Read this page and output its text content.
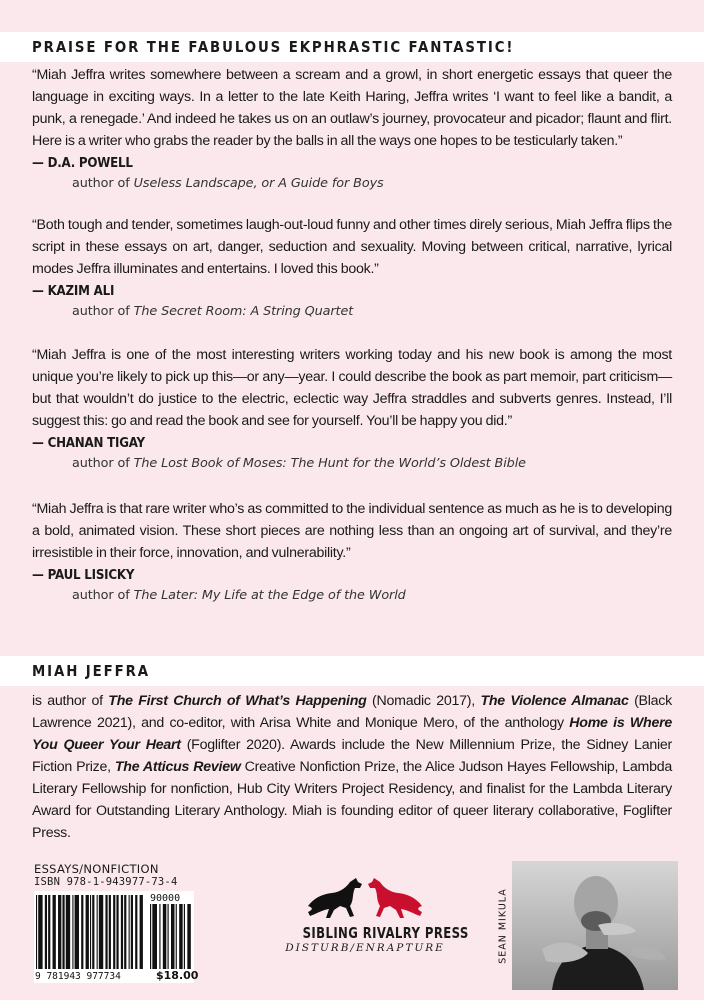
PRAISE FOR THE FABULOUS EKPHRASTIC FANTASTIC!

“Miah Jeffra writes somewhere between a scream and a growl, in short energetic essays that queer the language in exciting ways. In a letter to the late Keith Haring, Jeffra writes ‘I want to feel like a bandit, a punk, a renegade.’ And indeed he takes us on an outlaw’s journey, provocateur and picador; flaunt and flirt. Here is a writer who grabs the reader by the balls in all the ways one hopes to be testicularly taken.”

— D.A. POWELL
author of Useless Landscape, or A Guide for Boys

“Both tough and tender, sometimes laugh-out-loud funny and other times direly serious, Miah Jeffra flips the script in these essays on art, danger, seduction and sexuality. Moving between critical, narrative, lyrical modes Jeffra illuminates and entertains. I loved this book.”

— KAZIM ALI
author of The Secret Room: A String Quartet

“Miah Jeffra is one of the most interesting writers working today and his new book is among the most unique you’re likely to pick up this—or any—year. I could describe the book as part memoir, part criticism—but that wouldn’t do justice to the electric, eclectic way Jeffra straddles and subverts genres. Instead, I’ll suggest this: go and read the book and see for yourself. You’ll be happy you did.”

— CHANAN TIGAY
author of The Lost Book of Moses: The Hunt for the World’s Oldest Bible

“Miah Jeffra is that rare writer who’s as committed to the individual sentence as much as he is to developing a bold, animated vision. These short pieces are nothing less than an ongoing art of survival, and they’re irresistible in their force, innovation, and vulnerability.”

— PAUL LISICKY
author of The Later: My Life at the Edge of the World
MIAH JEFFRA

is author of The First Church of What’s Happening (Nomadic 2017), The Violence Almanac (Black Lawrence 2021), and co-editor, with Arisa White and Monique Mero, of the anthology Home is Where You Queer Your Heart (Foglifter 2020). Awards include the New Millennium Prize, the Sidney Lanier Fiction Prize, The Atticus Review Creative Nonfiction Prize, the Alice Judson Hayes Fellowship, Lambda Literary Fellowship for nonfiction, Hub City Writers Project Residency, and finalist for the Lambda Literary Award for Outstanding Literary Anthology. Miah is founding editor of queer literary collaborative, Foglifter Press.

ESSAYS/NONFICTION
ISBN 978-1-943977-73-4
90000
9 781943 977734	$18.00
SIBLING RIVALRY PRESS
DISTURB/ENRAPTURE	SEAN MIKULA
